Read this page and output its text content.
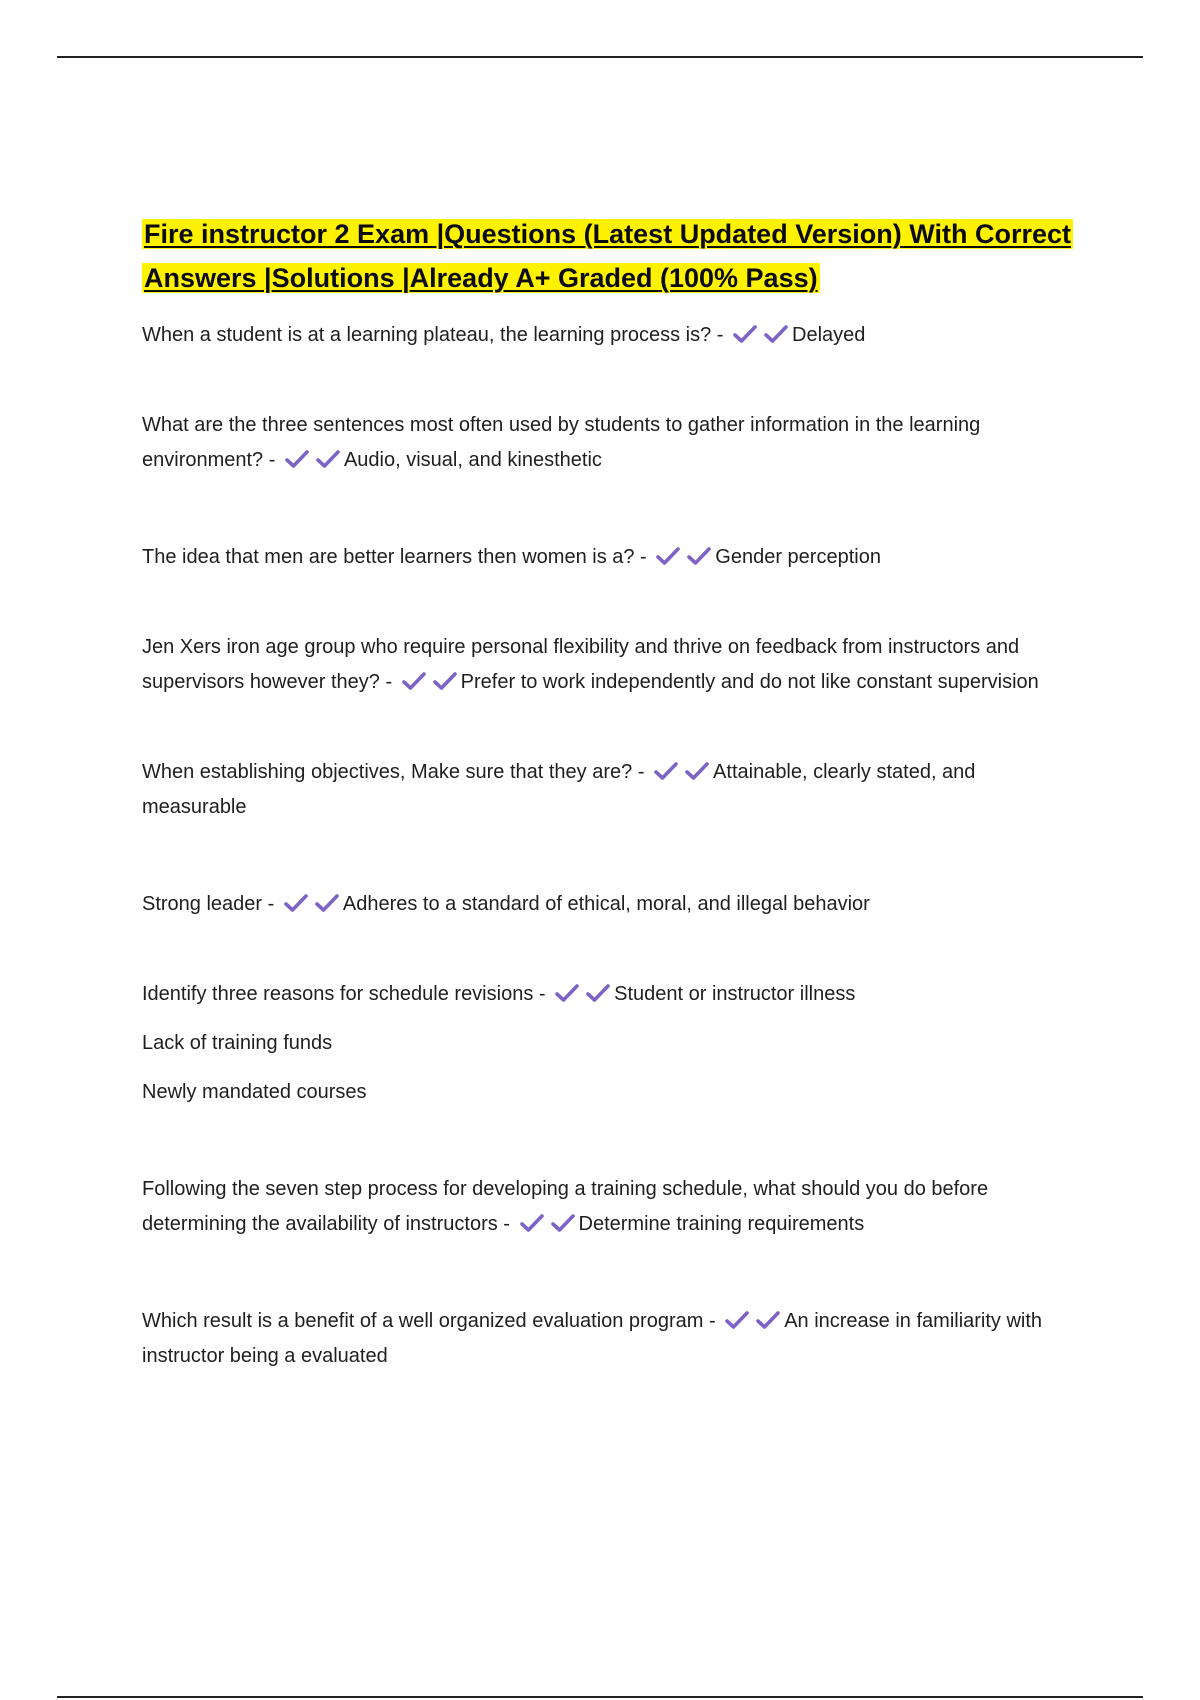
Fire instructor 2 Exam |Questions (Latest Updated Version) With Correct Answers |Solutions |Already A+ Graded (100% Pass)

When a student is at a learning plateau, the learning process is? -	Delayed

What are the three sentences most often used by students to gather information in the learning environment? -	Audio, visual, and kinesthetic

The idea that men are better learners then women is a? -	Gender perception

Jen Xers iron age group who require personal flexibility and thrive on feedback from instructors and supervisors however they? -	Prefer to work independently and do not like constant supervision

When establishing objectives, Make sure that they are? -	Attainable, clearly stated, and measurable

Strong leader -	Adheres to a standard of ethical, moral, and illegal behavior

Identify three reasons for schedule revisions -	Student or instructor illness

Lack of training funds

Newly mandated courses

Following the seven step process for developing a training schedule, what should you do before determining the availability of instructors -	Determine training requirements

Which result is a benefit of a well organized evaluation program -	An increase in familiarity with instructor being a evaluated
